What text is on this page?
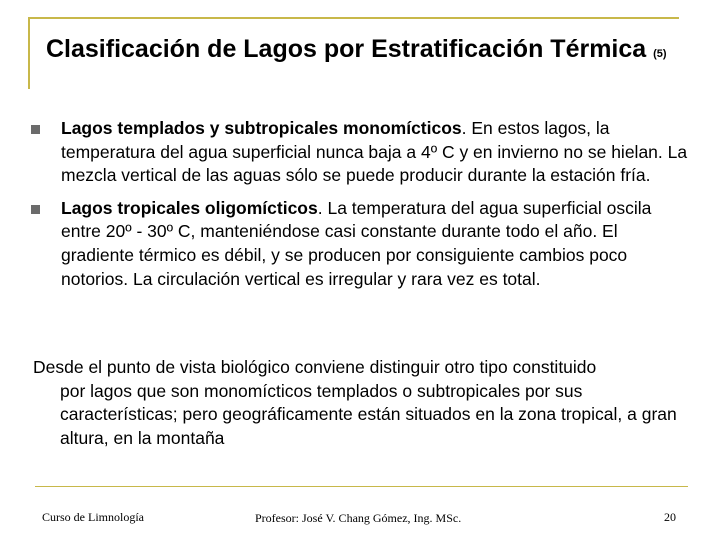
Clasificación de Lagos por Estratificación Térmica (5)
Lagos templados y subtropicales monomícticos. En estos lagos, la temperatura del agua superficial nunca baja a 4º C y en invierno no se hielan. La mezcla vertical de las aguas sólo se puede producir durante la estación fría.
Lagos tropicales oligomícticos. La temperatura del agua superficial oscila entre 20º - 30º C, manteniéndose casi constante durante todo el año. El gradiente térmico es débil, y se producen por consiguiente cambios poco notorios. La circulación vertical es irregular y rara vez es total.

Desde el punto de vista biológico conviene distinguir otro tipo constituido
por lagos que son monomícticos templados o subtropicales por sus características; pero geográficamente están situados en la zona tropical, a gran altura, en la montaña

Curso de Limnología	Profesor: José V. Chang Gómez, Ing. MSc.	20
